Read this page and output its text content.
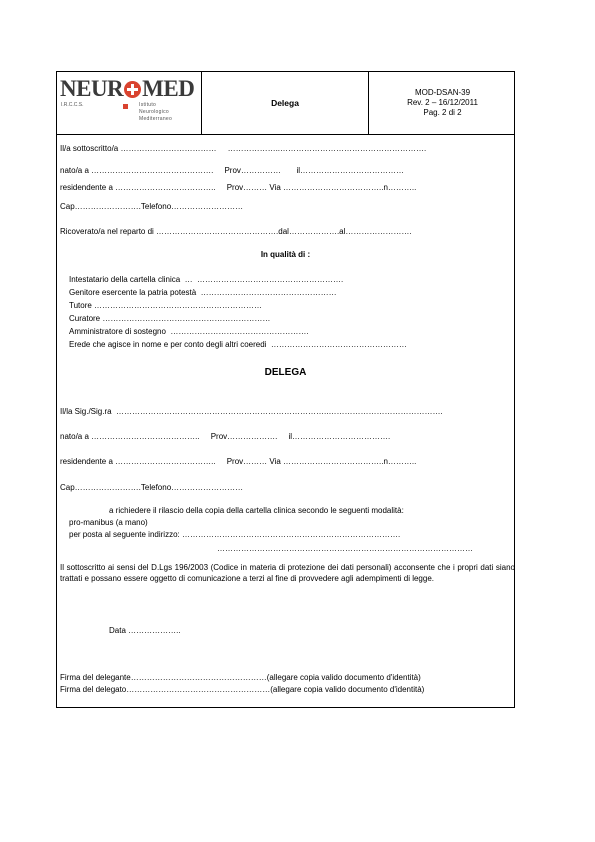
NEUR MED
I.R.C.C.S.	Istituto
Neurologico
Mediterraneo
Delega
MOD-DSAN-39
Rev. 2 – 16/12/2011
Pag. 2 di 2
Il/a sottoscritto/a ………………………………     ………………..……………………………………………….
nato/a a ……………………………………….     Prov……………       il…………………………………
residendente a ………………………………..     Prov……… Via ………………………………..n………..
Cap…………………….Telefono………………………
Ricoverato/a nel reparto di ……………………………………….dal……………….al…………………….
In qualità di :
Intestatario della cartella clinica  …  ……………………………………………….
Genitore esercente la patria potestà  ……………………………………………
Tutore ………………………………………………………
Curatore ………………………………………………………
Amministratore di sostegno  …………………………………………….
Erede che agisce in nome e per conto degli altri coeredi  ……………………………………………
DELEGA
Il/la Sig./Sig.ra  ……………………………………………………………………..…………………………………….
nato/a a …………………………………..     Prov……………….     il……………………………….
residendente a ………………………………..     Prov……… Via ………………………………..n………..
Cap…………………….Telefono………………………
a richiedere il rilascio della copia della cartella clinica secondo le seguenti modalità:
pro-manibus (a mano)
per posta al seguente indirizzo: ……………………………………………………………………….
……………………………………………………………………………………
Il sottoscritto ai sensi del D.Lgs 196/2003 (Codice in materia di protezione dei dati personali) acconsente che i propri dati siano trattati e possano essere oggetto di comunicazione a terzi al fine di provvedere agli adempimenti di legge.
Data ………………..
Firma del delegante……………………………………………(allegare copia valido documento d'identità)
Firma del delegato………………………………………………(allegare copia valido documento d'identità)
